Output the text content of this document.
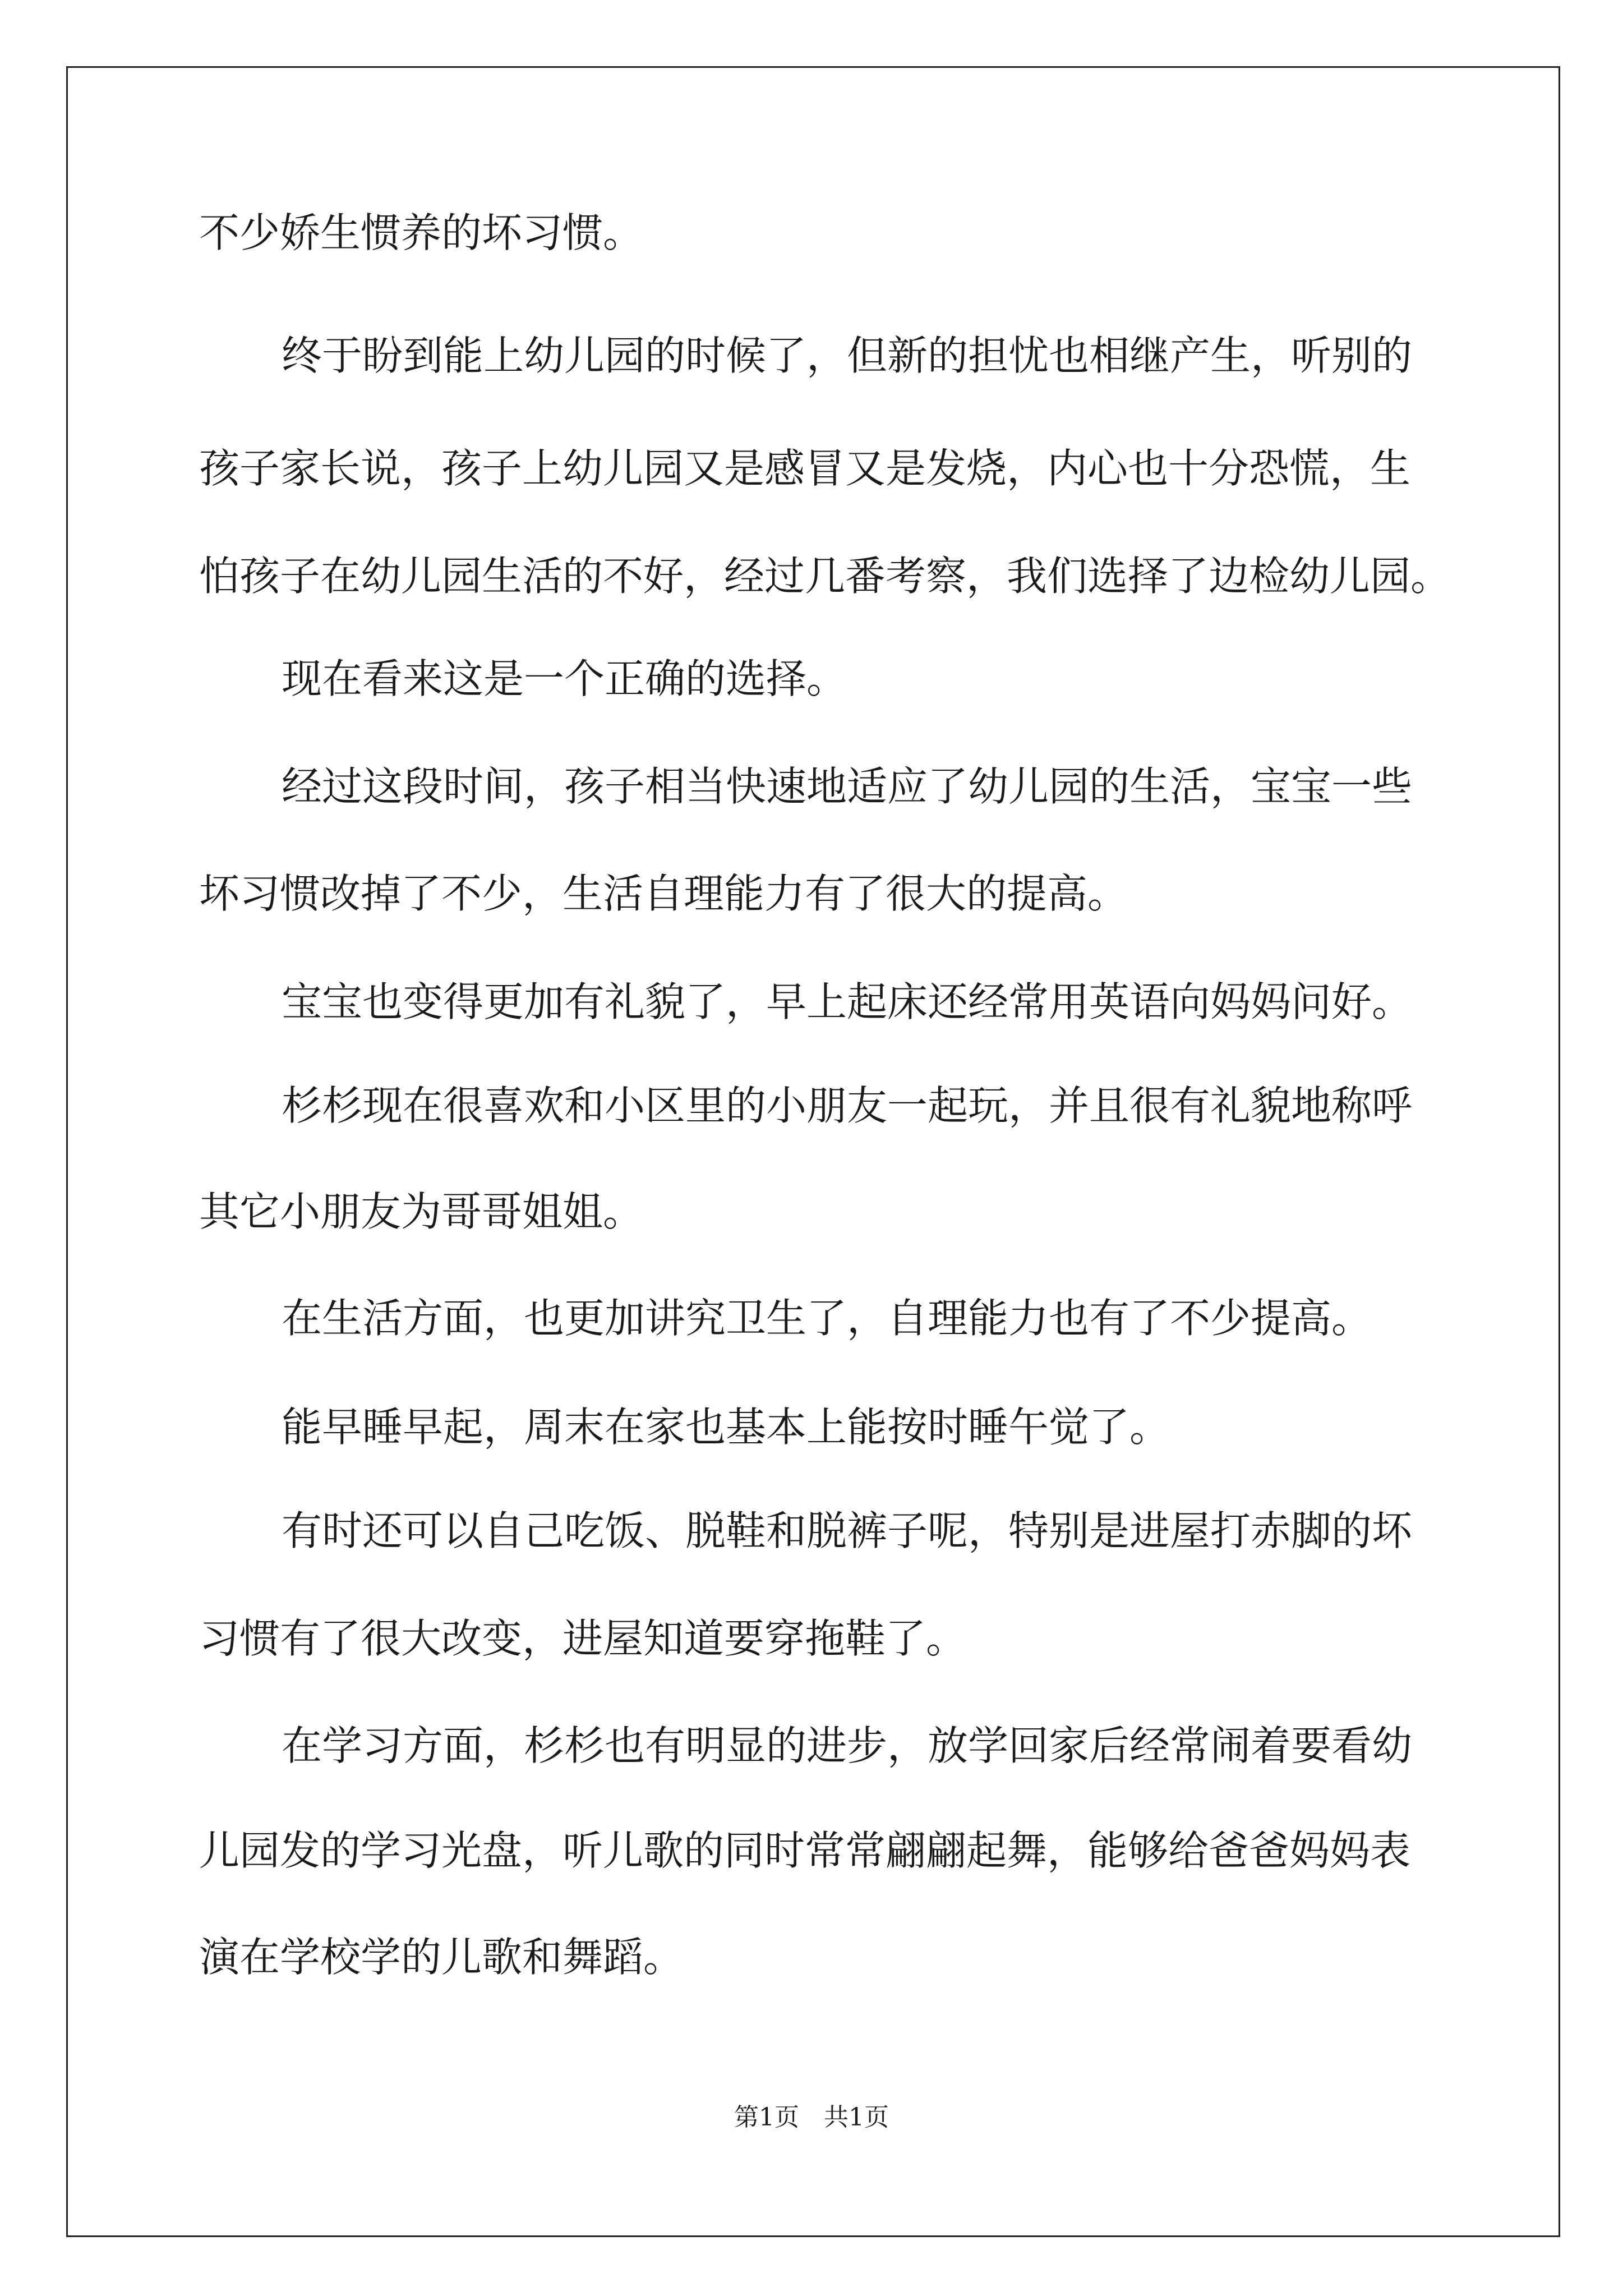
不少娇生惯养的坏习惯。
终于盼到能上幼儿园的时候了，但新的担忧也相继产生，听别的
孩子家长说，孩子上幼儿园又是感冒又是发烧，内心也十分恐慌，生
怕孩子在幼儿园生活的不好，经过几番考察，我们选择了边检幼儿园。
现在看来这是一个正确的选择。
经过这段时间，孩子相当快速地适应了幼儿园的生活，宝宝一些
坏习惯改掉了不少，生活自理能力有了很大的提高。
宝宝也变得更加有礼貌了，早上起床还经常用英语向妈妈问好。
杉杉现在很喜欢和小区里的小朋友一起玩，并且很有礼貌地称呼
其它小朋友为哥哥姐姐。
在生活方面，也更加讲究卫生了，自理能力也有了不少提高。
能早睡早起，周末在家也基本上能按时睡午觉了。
有时还可以自己吃饭、脱鞋和脱裤子呢，特别是进屋打赤脚的坏
习惯有了很大改变，进屋知道要穿拖鞋了。
在学习方面，杉杉也有明显的进步，放学回家后经常闹着要看幼
儿园发的学习光盘，听儿歌的同时常常翩翩起舞，能够给爸爸妈妈表
演在学校学的儿歌和舞蹈。
第1页　共1页
